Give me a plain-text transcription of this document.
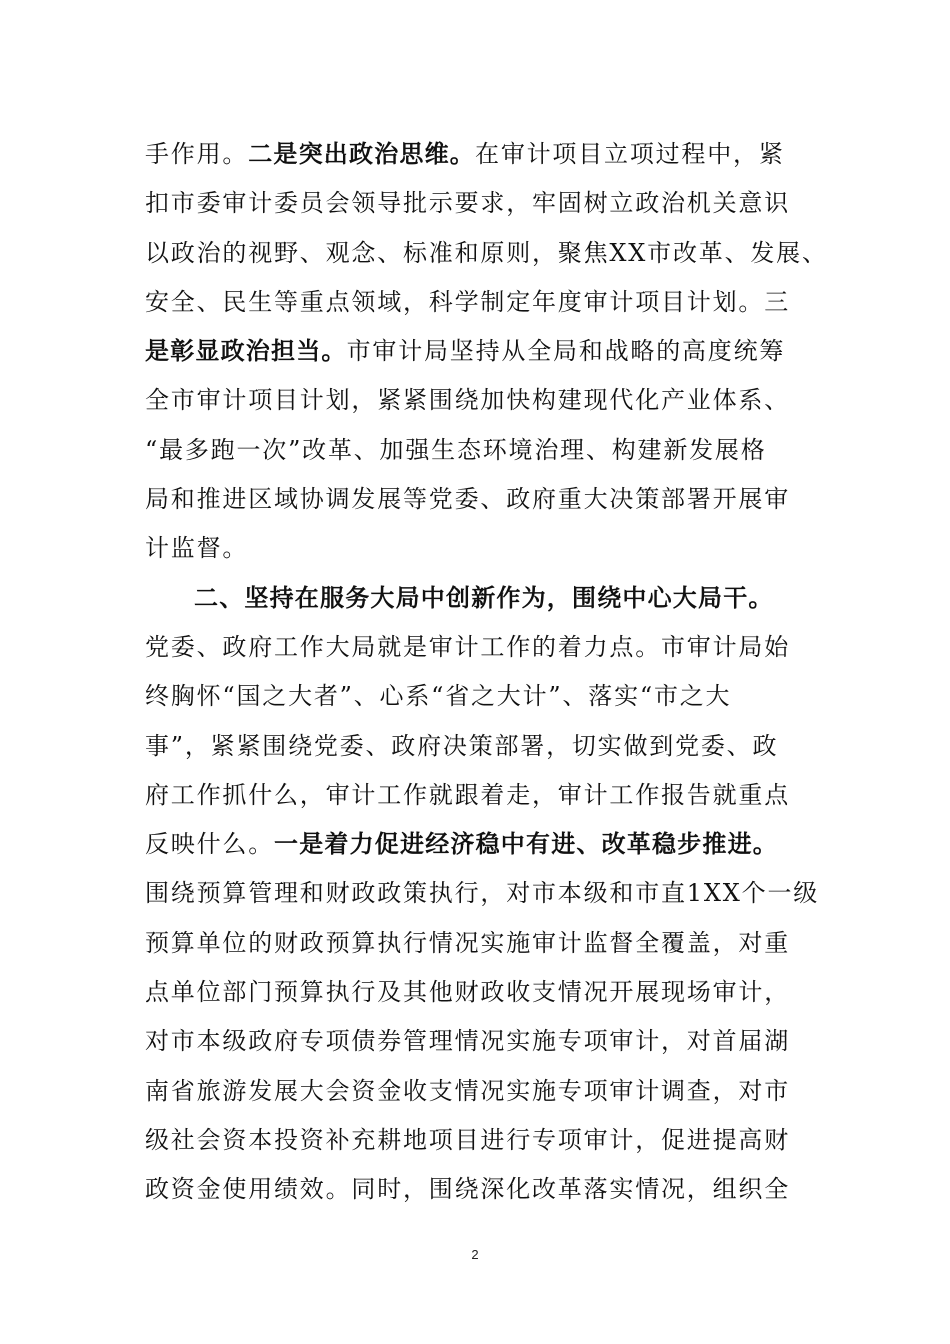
手作用。二是突出政治思维。在审计项目立项过程中，紧
扣市委审计委员会领导批示要求，牢固树立政治机关意识
以政治的视野、观念、标准和原则，聚焦XX市改革、发展、
安全、民生等重点领域，科学制定年度审计项目计划。三
是彰显政治担当。市审计局坚持从全局和战略的高度统筹
全市审计项目计划，紧紧围绕加快构建现代化产业体系、
“最多跑一次”改革、加强生态环境治理、构建新发展格
局和推进区域协调发展等党委、政府重大决策部署开展审
计监督。
二、坚持在服务大局中创新作为，围绕中心大局干。
党委、政府工作大局就是审计工作的着力点。市审计局始
终胸怀“国之大者”、心系“省之大计”、落实“市之大
事”，紧紧围绕党委、政府决策部署，切实做到党委、政
府工作抓什么，审计工作就跟着走，审计工作报告就重点
反映什么。一是着力促进经济稳中有进、改革稳步推进。
围绕预算管理和财政政策执行，对市本级和市直1XX个一级
预算单位的财政预算执行情况实施审计监督全覆盖，对重
点单位部门预算执行及其他财政收支情况开展现场审计，
对市本级政府专项债券管理情况实施专项审计，对首届湖
南省旅游发展大会资金收支情况实施专项审计调查，对市
级社会资本投资补充耕地项目进行专项审计，促进提高财
政资金使用绩效。同时，围绕深化改革落实情况，组织全
2
